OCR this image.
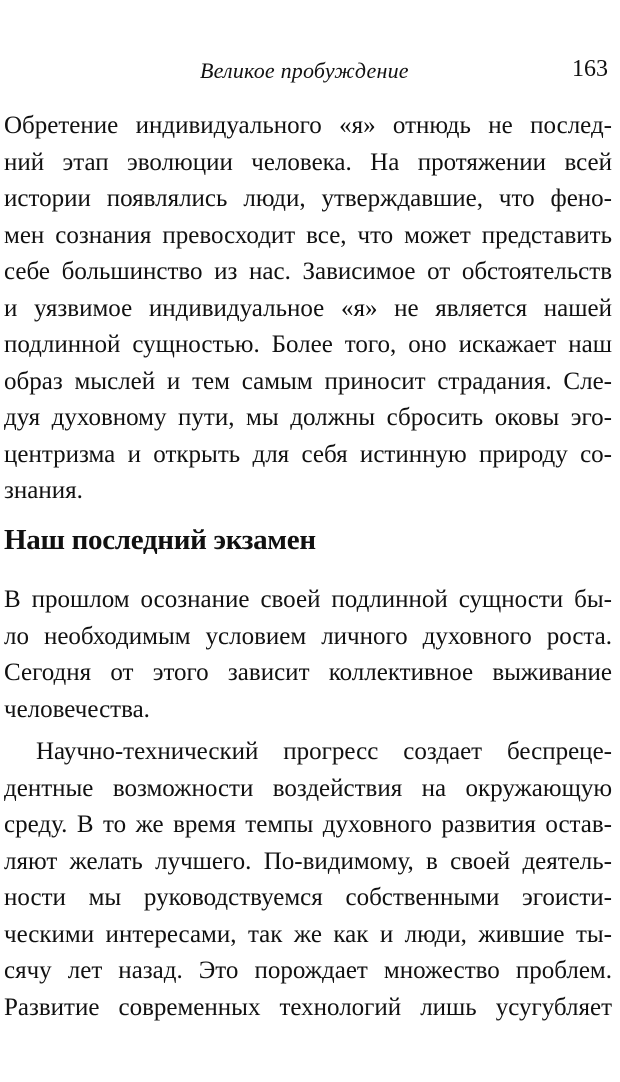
Великое пробуждение	163
Обретение индивидуального «я» отнюдь не послед-
ний этап эволюции человека. На протяжении всей
истории появлялись люди, утверждавшие, что фено-
мен сознания превосходит все, что может представить
себе большинство из нас. Зависимое от обстоятельств
и уязвимое индивидуальное «я» не является нашей
подлинной сущностью. Более того, оно искажает наш
образ мыслей и тем самым приносит страдания. Сле-
дуя духовному пути, мы должны сбросить оковы эго-
центризма и открыть для себя истинную природу со-
знания.
Наш последний экзамен
В прошлом осознание своей подлинной сущности бы-
ло необходимым условием личного духовного роста.
Сегодня от этого зависит коллективное выживание
человечества.
Научно-технический прогресс создает беспреце-
дентные возможности воздействия на окружающую
среду. В то же время темпы духовного развития остав-
ляют желать лучшего. По-видимому, в своей деятель-
ности мы руководствуемся собственными эгоисти-
ческими интересами, так же как и люди, жившие ты-
сячу лет назад. Это порождает множество проблем.
Развитие современных технологий лишь усугубляет
